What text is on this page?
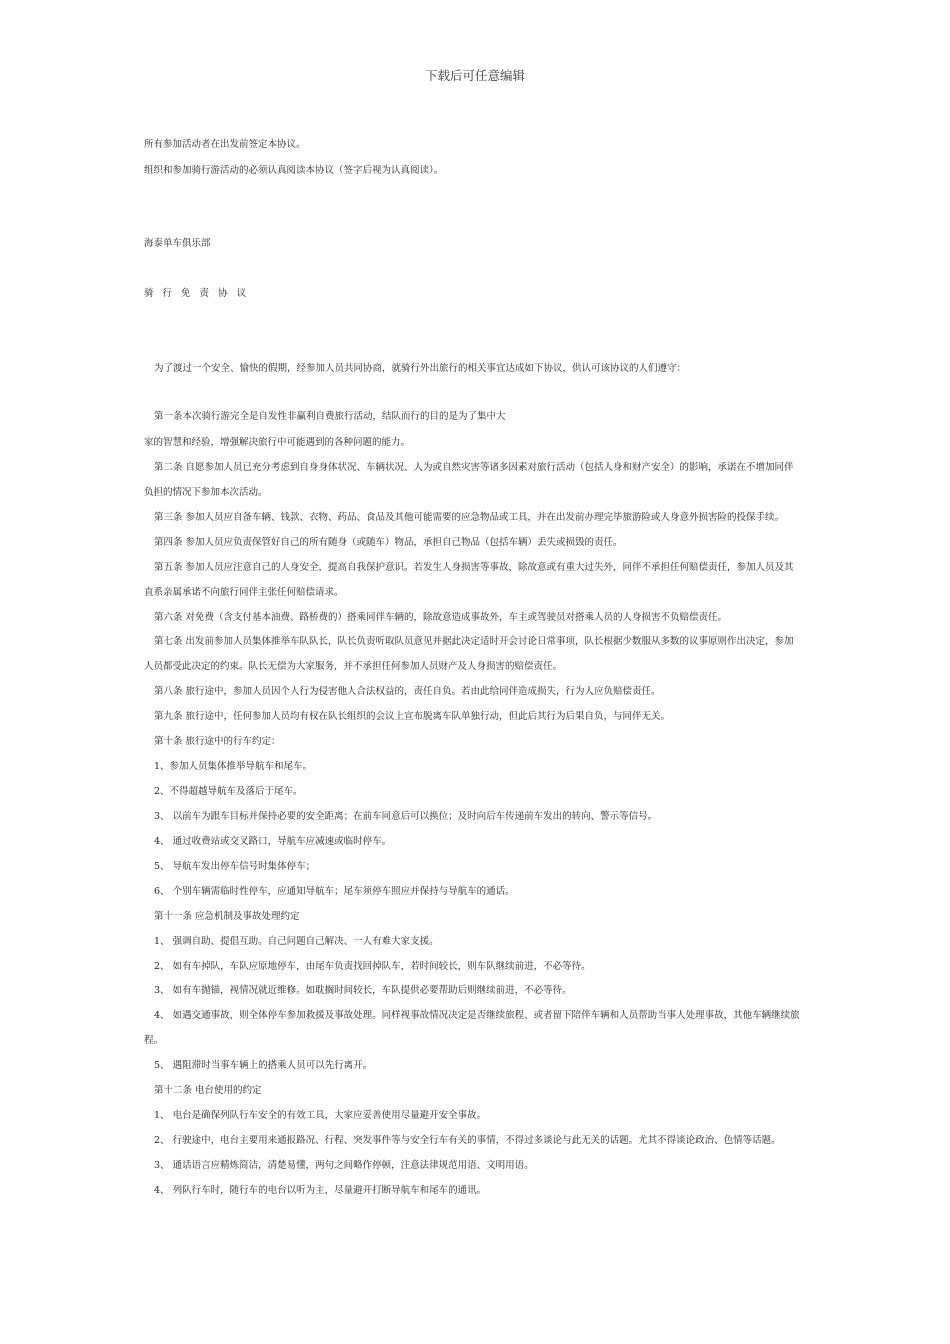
下载后可任意编辑
所有参加活动者在出发前签定本协议。
组织和参加骑行游活动的必须认真阅读本协议（签字后视为认真阅读）。
海泰单车俱乐部
骑 行 免 责 协 议
为了渡过一个安全、愉快的假期，经参加人员共同协商，就骑行外出旅行的相关事宜达成如下协议，供认可该协议的人们遵守：
第一条本次骑行游完全是自发性非赢利自费旅行活动，结队而行的目的是为了集中大
家的智慧和经验，增强解决旅行中可能遇到的各种问题的能力。
第二条 自愿参加人员已充分考虑到自身身体状况、车辆状况、人为或自然灾害等诸多因素对旅行活动（包括人身和财产安全）的影响，承诺在不增加同伴
负担的情况下参加本次活动。
第三条 参加人员应自备车辆、钱款、衣物、药品、食品及其他可能需要的应急物品或工具，并在出发前办理完毕旅游险或人身意外损害险的投保手续。
第四条 参加人员应负责保管好自己的所有随身（或随车）物品，承担自己物品（包括车辆）丢失或损毁的责任。
第五条 参加人员应注意自己的人身安全，提高自我保护意识。若发生人身损害等事故，除故意或有重大过失外，同伴不承担任何赔偿责任，参加人员及其
直系亲属承诺不向旅行同伴主张任何赔偿请求。
第六条 对免费（含支付基本油费、路桥费的）搭乘同伴车辆的，除故意造成事故外，车主或驾驶员对搭乘人员的人身损害不负赔偿责任。
第七条 出发前参加人员集体推举车队队长，队长负责听取队员意见并据此决定适时开会讨论日常事项，队长根据少数服从多数的议事原则作出决定，参加
人员都受此决定的约束。队长无偿为大家服务，并不承担任何参加人员财产及人身损害的赔偿责任。
第八条 旅行途中，参加人员因个人行为侵害他人合法权益的，责任自负。若由此给同伴造成损失，行为人应负赔偿责任。
第九条 旅行途中，任何参加人员均有权在队长组织的会议上宣布脱离车队单独行动，但此后其行为后果自负，与同伴无关。
第十条 旅行途中的行车约定：
1、参加人员集体推举导航车和尾车。
2、不得超越导航车及落后于尾车。
3、 以前车为跟车目标并保持必要的安全距离；在前车同意后可以换位；及时向后车传递前车发出的转向、警示等信号。
4、 通过收费站或交叉路口，导航车应减速或临时停车。
5、 导航车发出停车信号时集体停车；
6、 个别车辆需临时性停车，应通知导航车；尾车须停车照应并保持与导航车的通话。
第十一条 应急机制及事故处理约定
1、 强调自助、提倡互助。自己问题自己解决、一人有难大家支援。
2、 如有车掉队，车队应原地停车，由尾车负责找回掉队车，若时间较长，则车队继续前进，不必等待。
3、 如有车抛锚，视情况就近维修。如耽搁时间较长，车队提供必要帮助后则继续前进，不必等待。
4、 如遇交通事故，则全体停车参加救援及事故处理。同样视事故情况决定是否继续旅程、或者留下陪伴车辆和人员帮助当事人处理事故，其他车辆继续旅
程。
5、 遇阻滞时当事车辆上的搭乘人员可以先行离开。
第十二条 电台使用的约定
1、 电台是确保列队行车安全的有效工具，大家应妥善使用尽量避开安全事故。
2、 行驶途中，电台主要用来通报路况、行程、突发事件等与安全行车有关的事情，不得过多谈论与此无关的话题。尤其不得谈论政治、色情等话题。
3、 通话语言应精炼简洁，清楚易懂，两句之间略作停顿，注意法律规范用语、文明用语。
4、 列队行车时，随行车的电台以听为主，尽量避开打断导航车和尾车的通讯。
